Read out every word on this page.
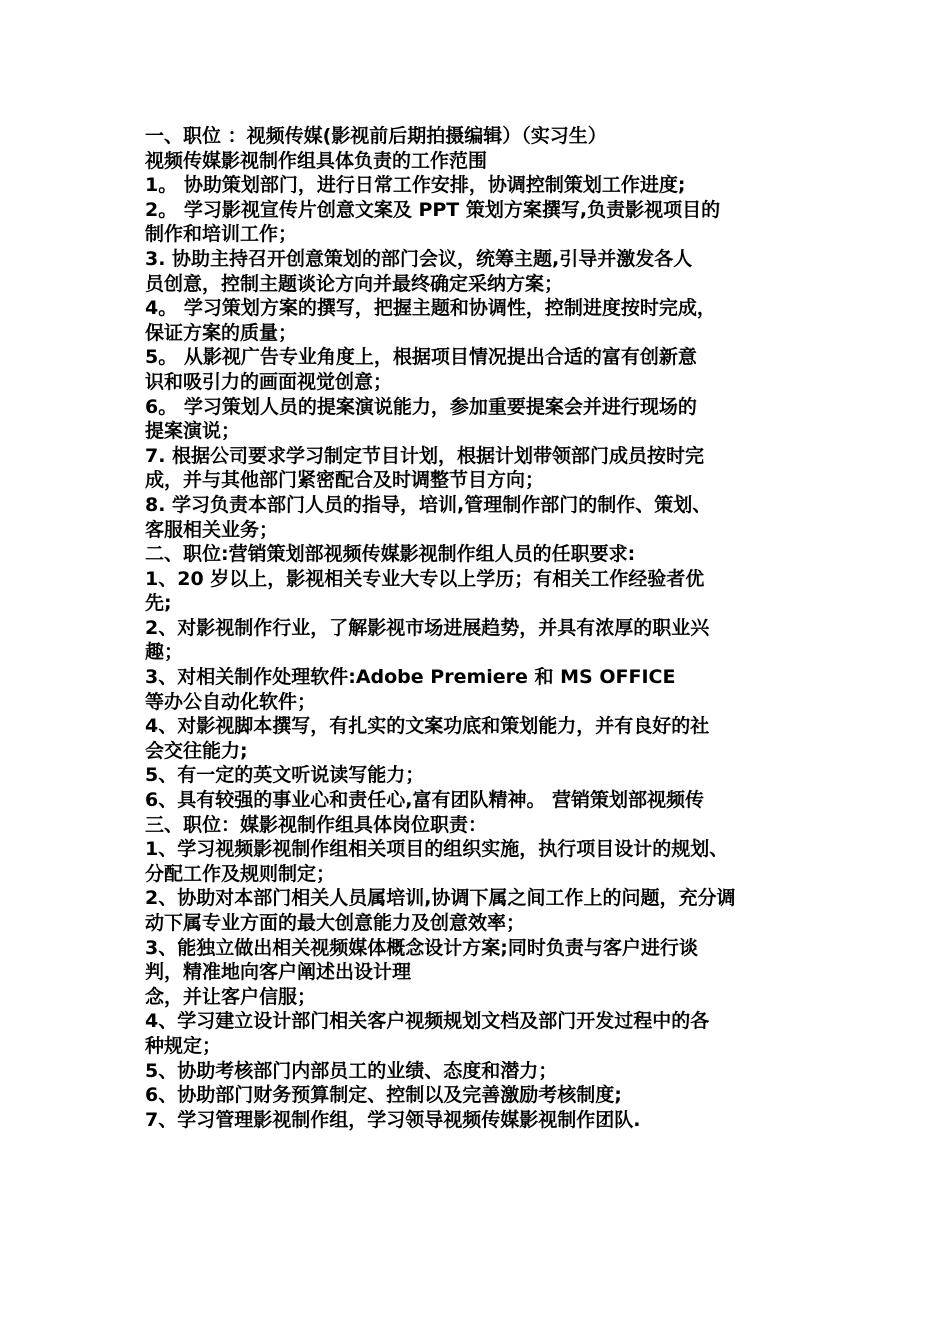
一、职位 ：视频传媒(影视前后期拍摄编辑）（实习生）
视频传媒影视制作组具体负责的工作范围
1。 协助策划部门，进行日常工作安排，协调控制策划工作进度;
2。 学习影视宣传片创意文案及 PPT 策划方案撰写,负责影视项目的
制作和培训工作；
3. 协助主持召开创意策划的部门会议，统筹主题,引导并激发各人
员创意，控制主题谈论方向并最终确定采纳方案；
4。 学习策划方案的撰写，把握主题和协调性，控制进度按时完成，
保证方案的质量；
5。 从影视广告专业角度上，根据项目情况提出合适的富有创新意
识和吸引力的画面视觉创意；
6。 学习策划人员的提案演说能力，参加重要提案会并进行现场的
提案演说；
7. 根据公司要求学习制定节目计划，根据计划带领部门成员按时完
成，并与其他部门紧密配合及时调整节目方向；
8. 学习负责本部门人员的指导，培训,管理制作部门的制作、策划、
客服相关业务；
二、职位:营销策划部视频传媒影视制作组人员的任职要求:
1、20 岁以上，影视相关专业大专以上学历；有相关工作经验者优
先;
2、对影视制作行业，了解影视市场进展趋势，并具有浓厚的职业兴
趣；
3、对相关制作处理软件:Adobe Premiere 和 MS OFFICE
等办公自动化软件；
4、对影视脚本撰写，有扎实的文案功底和策划能力，并有良好的社
会交往能力;
5、有一定的英文听说读写能力；
6、具有较强的事业心和责任心,富有团队精神。 营销策划部视频传
三、职位：媒影视制作组具体岗位职责：
1、学习视频影视制作组相关项目的组织实施，执行项目设计的规划、
分配工作及规则制定；
2、协助对本部门相关人员属培训,协调下属之间工作上的问题，充分调
动下属专业方面的最大创意能力及创意效率；
3、能独立做出相关视频媒体概念设计方案;同时负责与客户进行谈
判，精准地向客户阐述出设计理
念，并让客户信服；
4、学习建立设计部门相关客户视频规划文档及部门开发过程中的各
种规定；
5、协助考核部门内部员工的业绩、态度和潜力；
6、协助部门财务预算制定、控制以及完善激励考核制度;
7、学习管理影视制作组，学习领导视频传媒影视制作团队.
